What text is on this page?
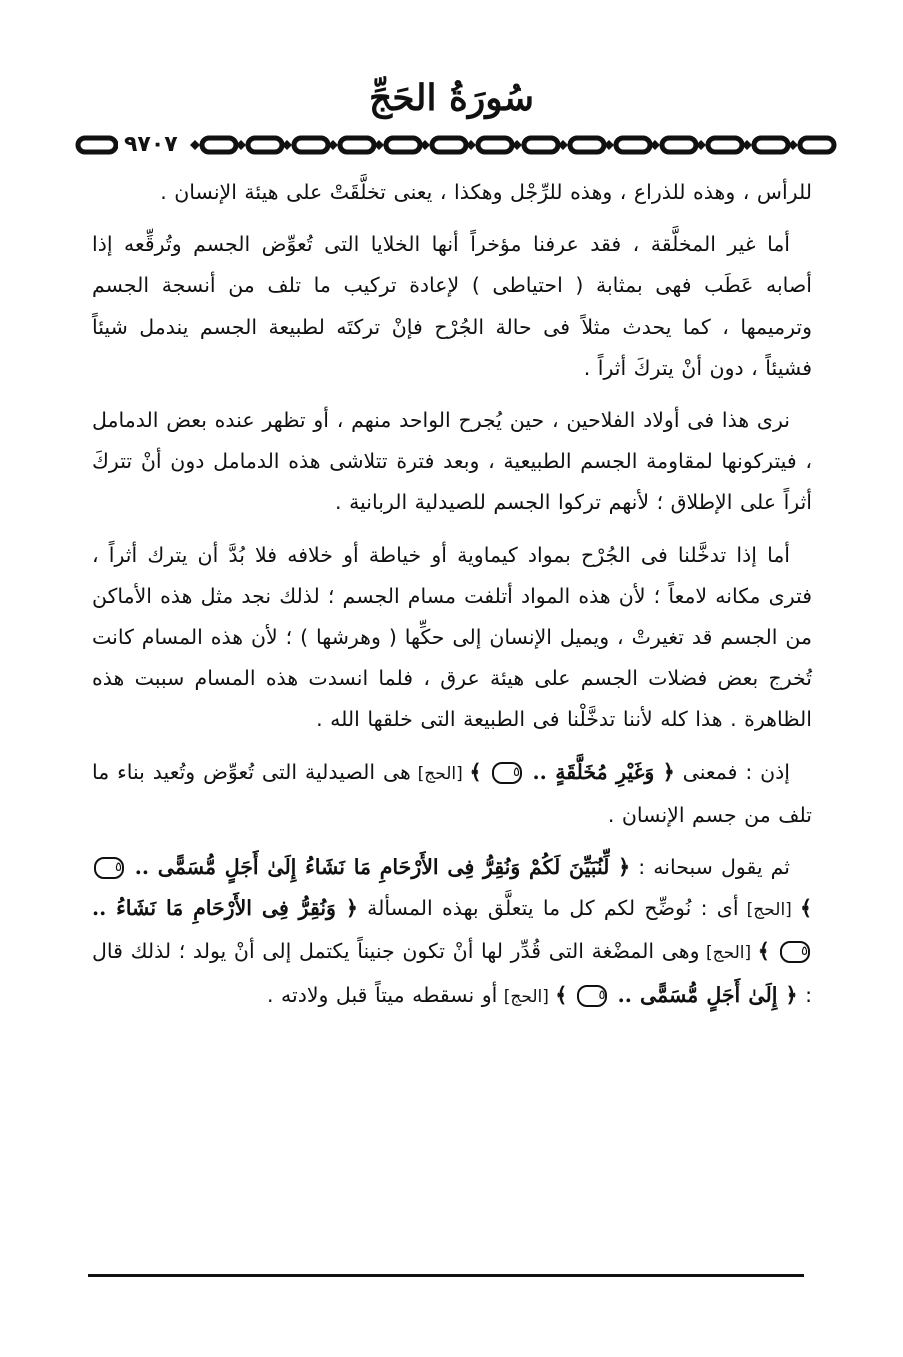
سُورَةُ الحَجِّ
٩٧٠٧

للرأس ، وهذه للذراع ، وهذه للرِّجْل وهكذا ، يعنى تخلَّقَتْ على هيئة الإنسان .

أما غير المخلَّقة ، فقد عرفنا مؤخراً أنها الخلايا التى تُعوِّض الجسم وتُرقِّعه إذا أصابه عَطَب فهى بمثابة ( احتياطى ) لإعادة تركيب ما تلف من أنسجة الجسم وترميمها ، كما يحدث مثلاً فى حالة الجُرْح فإنْ تركتَه لطبيعة الجسم يندمل شيئاً فشيئاً ، دون أنْ يتركَ أثراً .

نرى هذا فى أولاد الفلاحين ، حين يُجرح الواحد منهم ، أو تظهر عنده بعض الدمامل ، فيتركونها لمقاومة الجسم الطبيعية ، وبعد فترة تتلاشى هذه الدمامل دون أنْ تتركَ أثراً على الإطلاق ؛ لأنهم تركوا الجسم للصيدلية الربانية .

أما إذا تدخَّلنا فى الجُرْح بمواد كيماوية أو خياطة أو خلافه فلا بُدَّ أن يترك أثراً ، فترى مكانه لامعاً ؛ لأن هذه المواد أتلفت مسام الجسم ؛ لذلك نجد مثل هذه الأماكن من الجسم قد تغيرتْ ، ويميل الإنسان إلى حكِّها ( وهرشها ) ؛ لأن هذه المسام كانت تُخرج بعض فضلات الجسم على هيئة عرق ، فلما انسدت هذه المسام سببت هذه الظاهرة . هذا كله لأننا تدخَّلْنا فى الطبيعة التى خلقها الله .

إذن : فمعنى ﴿ وَغَيْرِ مُخَلَّقَةٍ .. ٥ ﴾ [الحج] هى الصيدلية التى تُعوِّض وتُعيد بناء ما تلف من جسم الإنسان .

ثم يقول سبحانه : ﴿ لِّنُبَيِّنَ لَكُمْ وَنُقِرُّ فِى الأَرْحَامِ مَا نَشَاءُ إِلَىٰ أَجَلٍ مُّسَمًّى .. ٥ ﴾ [الحج] أى : نُوضِّح لكم كل ما يتعلَّق بهذه المسألة ﴿ وَنُقِرُّ فِى الأَرْحَامِ مَا نَشَاءُ .. ٥ ﴾ [الحج] وهى المضْغة التى قُدِّر لها أنْ تكون جنيناً يكتمل إلى أنْ يولد ؛ لذلك قال : ﴿ إِلَىٰ أَجَلٍ مُّسَمًّى .. ٥ ﴾ [الحج] أو نسقطه ميتاً قبل ولادته .
